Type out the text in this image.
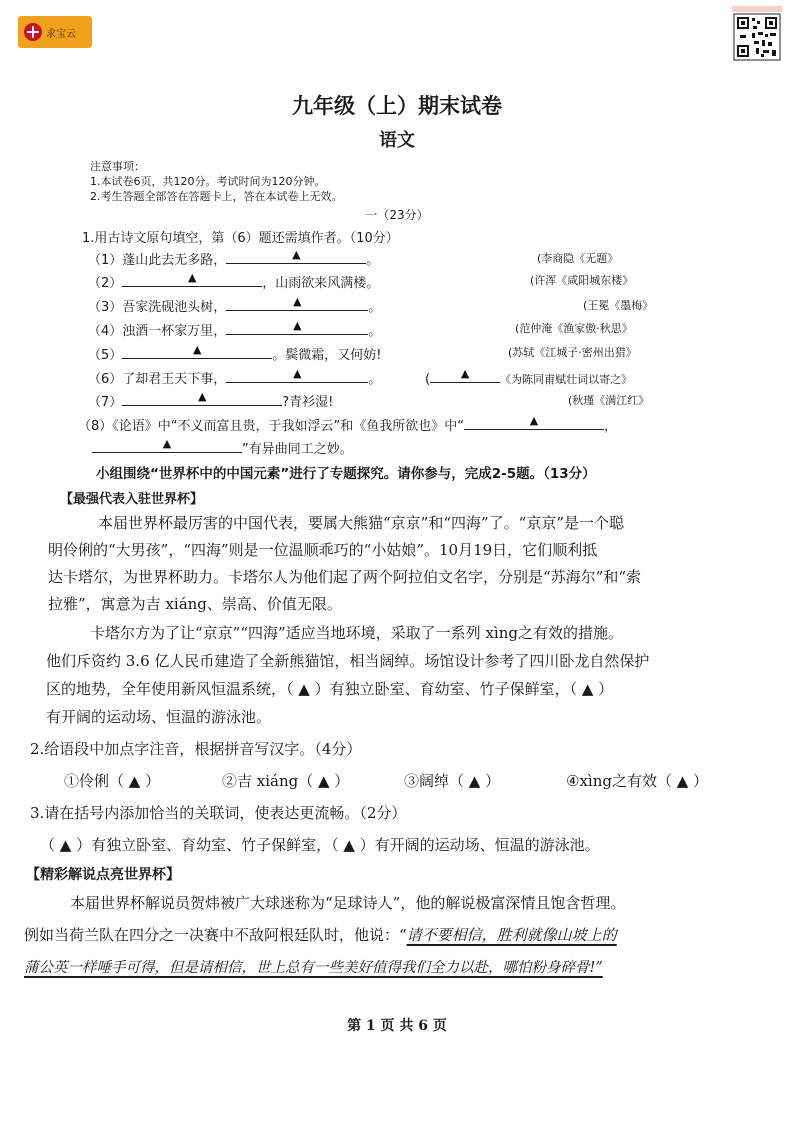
求宝云
九年级（上）期末试卷
语文
注意事项：
1.本试卷6页，共120分。考试时间为120分钟。
2.考生答题全部答在答题卡上，答在本试卷上无效。
一（23分）
1.用古诗文原句填空，第（6）题还需填作者。（10分）
（1）蓬山此去无多路，	▲	。	(李商隐《无题》
（2）	▲	，山雨欲来风满楼。	(许浑《咸阳城东楼》
（3）吾家洗砚池头树，	▲	。	(王冕《墨梅》
（4）浊酒一杯家万里，	▲	。	(范仲淹《渔家傲·秋思》
（5）	▲	。鬓微霜，又何妨!	(苏轼《江城子·密州出猎》
（6）了却君王天下事，	▲	。	(	▲	《为陈同甫赋壮词以寄之》
（7）	▲	?青衫湿!	(秋瑾《满江红》
（8）《论语》中“不义而富且贵，于我如浮云”和《鱼我所欲也》中“	▲	，
▲	”有异曲同工之妙。
小组围绕“世界杯中的中国元素”进行了专题探究。请你参与，完成2-5题。（13分）
【最强代表入驻世界杯】
本届世界杯最厉害的中国代表，要属大熊猫“京京”和“四海”了。“京京”是一个聪
明伶俐的“大男孩”，“四海”则是一位温顺乖巧的“小姑娘”。10月19日，它们顺利抵
达卡塔尔，为世界杯助力。卡塔尔人为他们起了两个阿拉伯文名字，分别是“苏海尔”和“索
拉雅”，寓意为吉 xiáng、崇高、价值无限。
卡塔尔方为了让“京京”“四海”适应当地环境，采取了一系列 xìng之有效的措施。
他们斥资约 3.6 亿人民币建造了全新熊猫馆，相当阔绰。场馆设计参考了四川卧龙自然保护
区的地势，全年使用新风恒温系统，（ ▲ ）有独立卧室、育幼室、竹子保鲜室，（ ▲ ）
有开阔的运动场、恒温的游泳池。
2.给语段中加点字注音，根据拼音写汉字。（4分）
①伶俐（ ▲ ）	②吉 xiáng（ ▲ ）	③阔绰（ ▲ ）	④xìng之有效（ ▲ ）
3.请在括号内添加恰当的关联词，使表达更流畅。（2分）
（ ▲ ）有独立卧室、育幼室、竹子保鲜室，（ ▲ ）有开阔的运动场、恒温的游泳池。
【精彩解说点亮世界杯】
本届世界杯解说员贺炜被广大球迷称为“足球诗人”，他的解说极富深情且饱含哲理。
例如当荷兰队在四分之一决赛中不敌阿根廷队时，他说：“请不要相信，胜利就像山坡上的
蒲公英一样唾手可得，但是请相信，世上总有一些美好值得我们全力以赴，哪怕粉身碎骨!”
第 1 页 共 6 页
